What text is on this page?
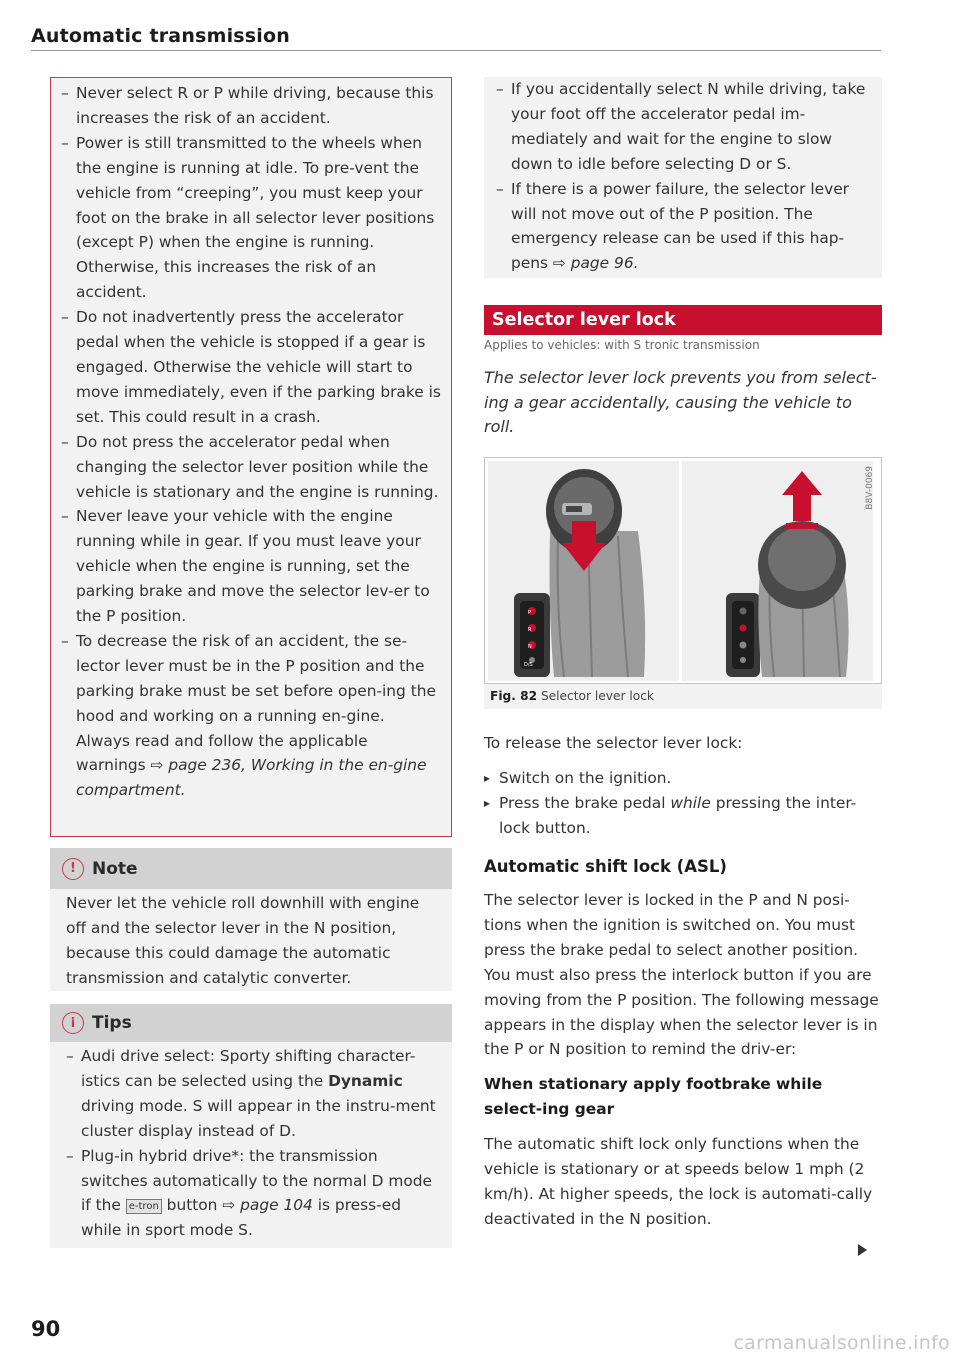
Automatic transmission
– Never select R or P while driving, because this increases the risk of an accident.
– Power is still transmitted to the wheels when the engine is running at idle. To pre-vent the vehicle from “creeping”, you must keep your foot on the brake in all selector lever positions (except P) when the engine is running. Otherwise, this increases the risk of an accident.
– Do not inadvertently press the accelerator pedal when the vehicle is stopped if a gear is engaged. Otherwise the vehicle will start to move immediately, even if the parking brake is set. This could result in a crash.
– Do not press the accelerator pedal when changing the selector lever position while the vehicle is stationary and the engine is running.
– Never leave your vehicle with the engine running while in gear. If you must leave your vehicle when the engine is running, set the parking brake and move the selector lev-er to the P position.
– To decrease the risk of an accident, the se-lector lever must be in the P position and the parking brake must be set before open-ing the hood and working on a running en-gine. Always read and follow the applicable warnings ⇨ page 236, Working in the en-gine compartment.
! Note

Never let the vehicle roll downhill with engine off and the selector lever in the N position, because this could damage the automatic transmission and catalytic converter.

i Tips
– Audi drive select: Sporty shifting character-istics can be selected using the Dynamic driving mode. S will appear in the instru-ment cluster display instead of D.
– Plug-in hybrid drive*: the transmission switches automatically to the normal D mode if the e-tron button ⇨ page 104 is press-ed while in sport mode S.
90
– If you accidentally select N while driving, take your foot off the accelerator pedal im-mediately and wait for the engine to slow down to idle before selecting D or S.
– If there is a power failure, the selector lever will not move out of the P position. The emergency release can be used if this hap-pens ⇨ page 96.
Selector lever lock
Applies to vehicles: with S tronic transmission
The selector lever lock prevents you from select-ing a gear accidentally, causing the vehicle to roll.
P
R
N
D/S
B8V-0069
Fig. 82 Selector lever lock

To release the selector lever lock:

▸ Switch on the ignition.
▸ Press the brake pedal while pressing the inter-lock button.

Automatic shift lock (ASL)

The selector lever is locked in the P and N posi-tions when the ignition is switched on. You must press the brake pedal to select another position. You must also press the interlock button if you are moving from the P position. The following message appears in the display when the selector lever is in the P or N position to remind the driv-er:

When stationary apply footbrake while select-ing gear

The automatic shift lock only functions when the vehicle is stationary or at speeds below 1 mph (2 km/h). At higher speeds, the lock is automati-cally deactivated in the N position.

carmanualsonline.info
